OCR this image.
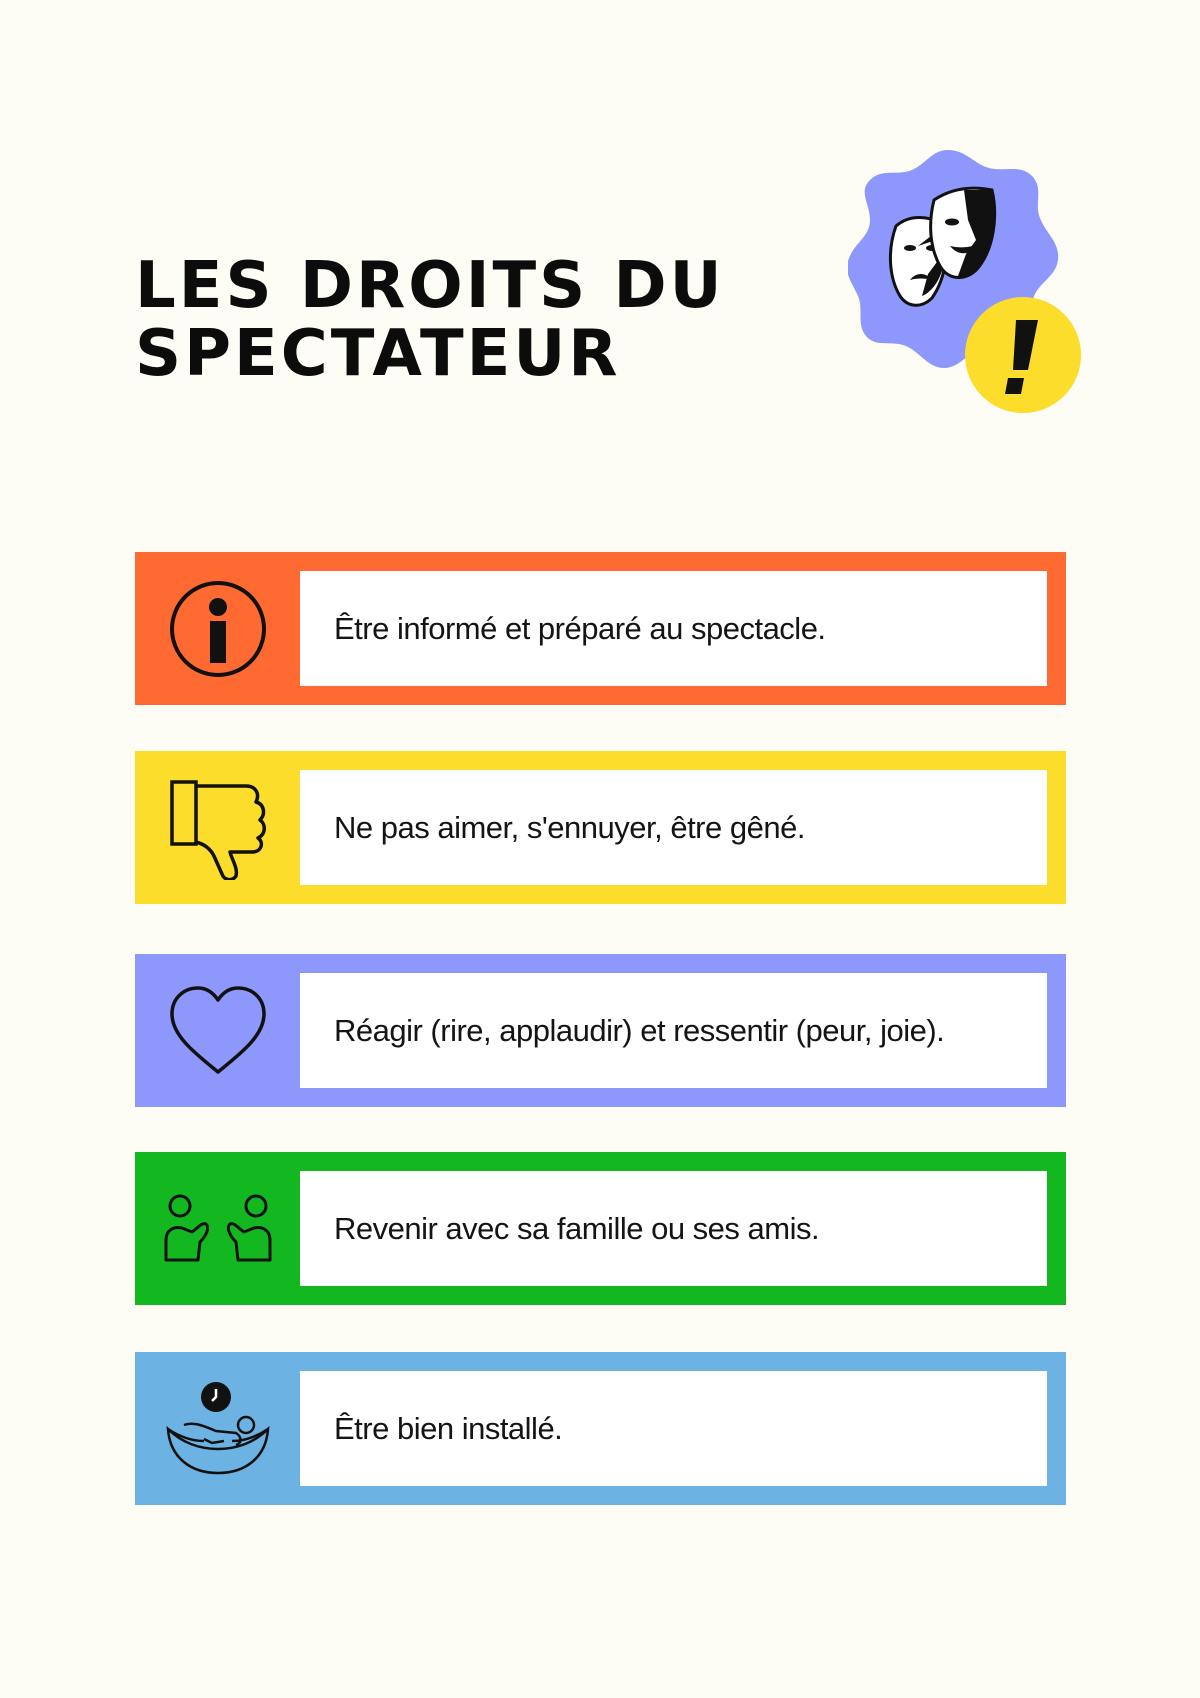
LES DROITS DU
SPECTATEUR
Être informé et préparé au spectacle.
Ne pas aimer, s'ennuyer, être gêné.
Réagir (rire, applaudir) et ressentir (peur, joie).
Revenir avec sa famille ou ses amis.
Être bien installé.
